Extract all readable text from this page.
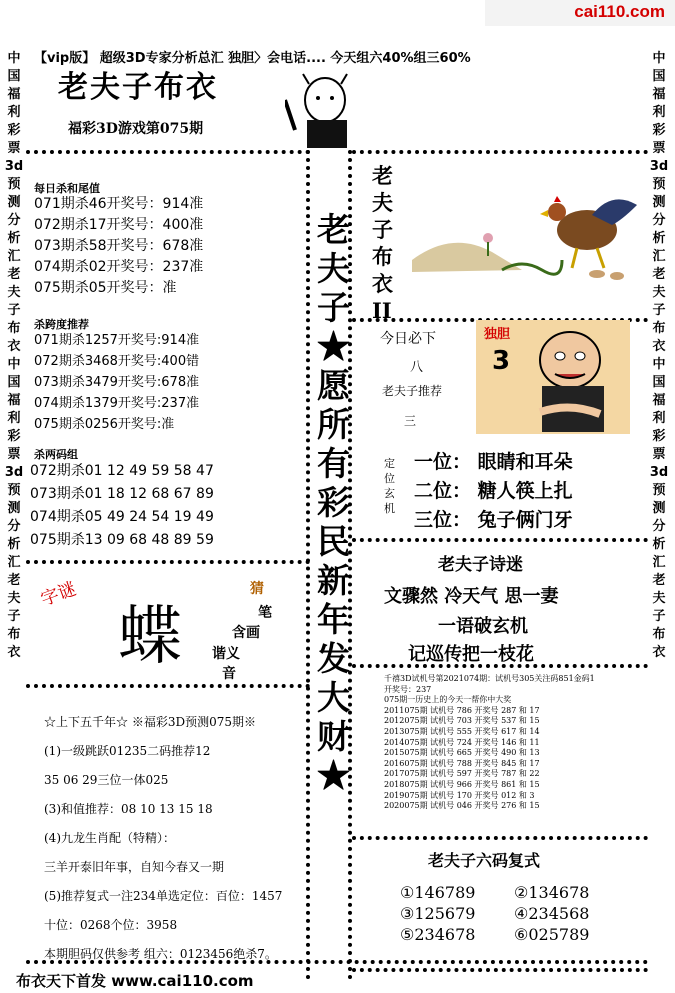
cai110.com
中国福利彩票3d预测分析汇老夫子布衣中国福利彩票3d预测分析汇老夫子布衣
中国福利彩票3d预测分析汇老夫子布衣中国福利彩票3d预测分析汇老夫子布衣
【vip版】 超级3D专家分析总汇 独胆〉会电话.... 今天组六40%组三60%
老夫子布衣
福彩3D游戏第075期
老夫子★愿所有彩民新年发大财★
每日杀和尾值
071期杀46开奖号：914准
072期杀17开奖号：400准
073期杀58开奖号：678准
074期杀02开奖号：237准
075期杀05开奖号：准
杀跨度推荐
071期杀1257开奖号:914准
072期杀3468开奖号:400错
073期杀3479开奖号:678准
074期杀1379开奖号:237准
075期杀0256开奖号:准
杀两码组
072期杀01 12 49 59 58 47
073期杀01 18 12 68 67 89
074期杀05 49 24 54 19 49
075期杀13 09 68 48 89 59
字谜
蝶
猜
笔
含画
谐义
音
☆上下五千年☆ ※福彩3D预测075期※
(1)一级跳跃01235二码推荐12
35 06 29三位一体025
(3)和值推荐：08 10 13 15 18
(4)九龙生肖配（特精）：
三羊开泰旧年事，自知今春又一期
(5)推荐复式一注234单选定位：百位：1457
十位：0268个位：3958
本期胆码仅供参考 组六：0123456绝杀7。
老夫子布衣II
今日必下
八
老夫子推荐
三
独胆
3
定位玄机
一位： 眼睛和耳朵
二位： 糖人筷上扎
三位： 兔子俩门牙
老夫子诗迷
文骤然 冷天气 思一妻
一语破玄机
记巡传把一枝花
千禧3D试机号第2021074期：试机号305关注码851金码1
开奖号：237
075期一历史上的今天一帮你中大奖
2011075期 试机号 786 开奖号 287 和 17
2012075期 试机号 703 开奖号 537 和 15
2013075期 试机号 555 开奖号 617 和 14
2014075期 试机号 724 开奖号 146 和 11
2015075期 试机号 665 开奖号 490 和 13
2016075期 试机号 788 开奖号 845 和 17
2017075期 试机号 597 开奖号 787 和 22
2018075期 试机号 966 开奖号 861 和 15
2019075期 试机号 170 开奖号 012 和 3
2020075期 试机号 046 开奖号 276 和 15
老夫子六码复式
①146789 ②134678
③125679 ④234568
⑤234678 ⑥025789
布衣天下首发 www.cai110.com
